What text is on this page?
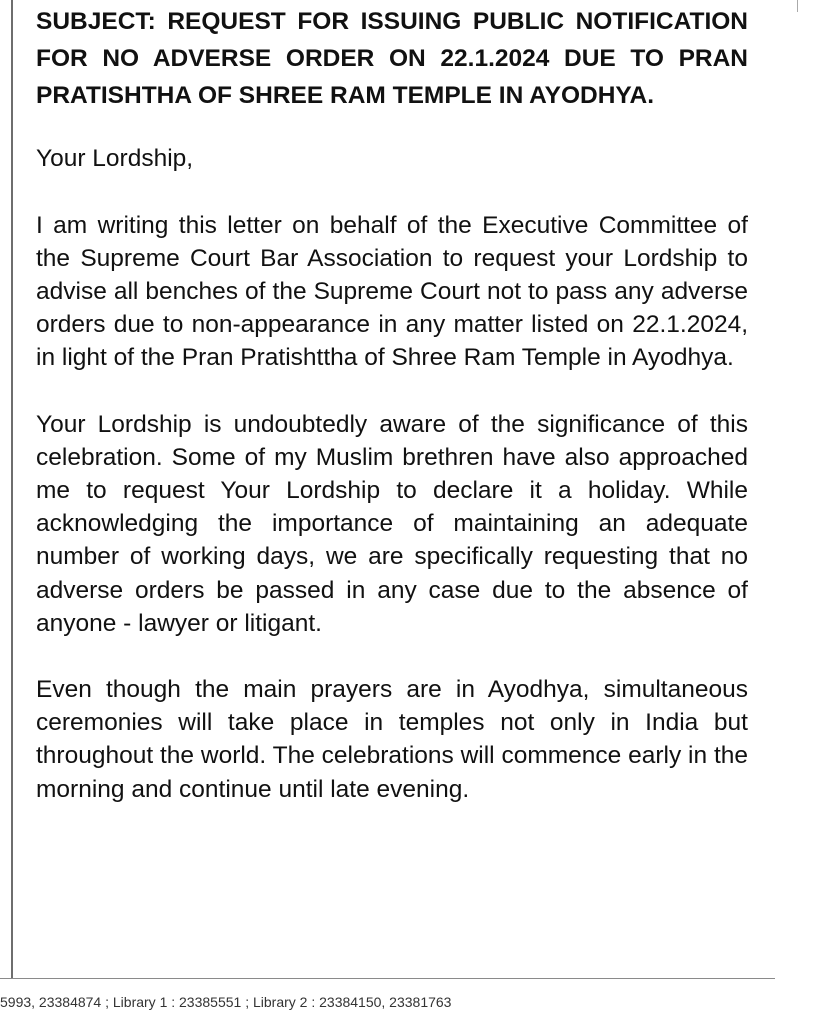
SUBJECT: REQUEST FOR ISSUING PUBLIC NOTIFICATION FOR NO ADVERSE ORDER ON 22.1.2024 DUE TO PRAN PRATISHTHA OF SHREE RAM TEMPLE IN AYODHYA.

Your Lordship,

I am writing this letter on behalf of the Executive Committee of the Supreme Court Bar Association to request your Lordship to advise all benches of the Supreme Court not to pass any adverse orders due to non-appearance in any matter listed on 22.1.2024, in light of the Pran Pratishttha of Shree Ram Temple in Ayodhya.

Your Lordship is undoubtedly aware of the significance of this celebration. Some of my Muslim brethren have also approached me to request Your Lordship to declare it a holiday. While acknowledging the importance of maintaining an adequate number of working days, we are specifically requesting that no adverse orders be passed in any case due to the absence of anyone - lawyer or litigant.

Even though the main prayers are in Ayodhya, simultaneous ceremonies will take place in temples not only in India but throughout the world. The celebrations will commence early in the morning and continue until late evening.

5993, 23384874 ; Library 1 : 23385551 ; Library 2 : 23384150, 23381763
